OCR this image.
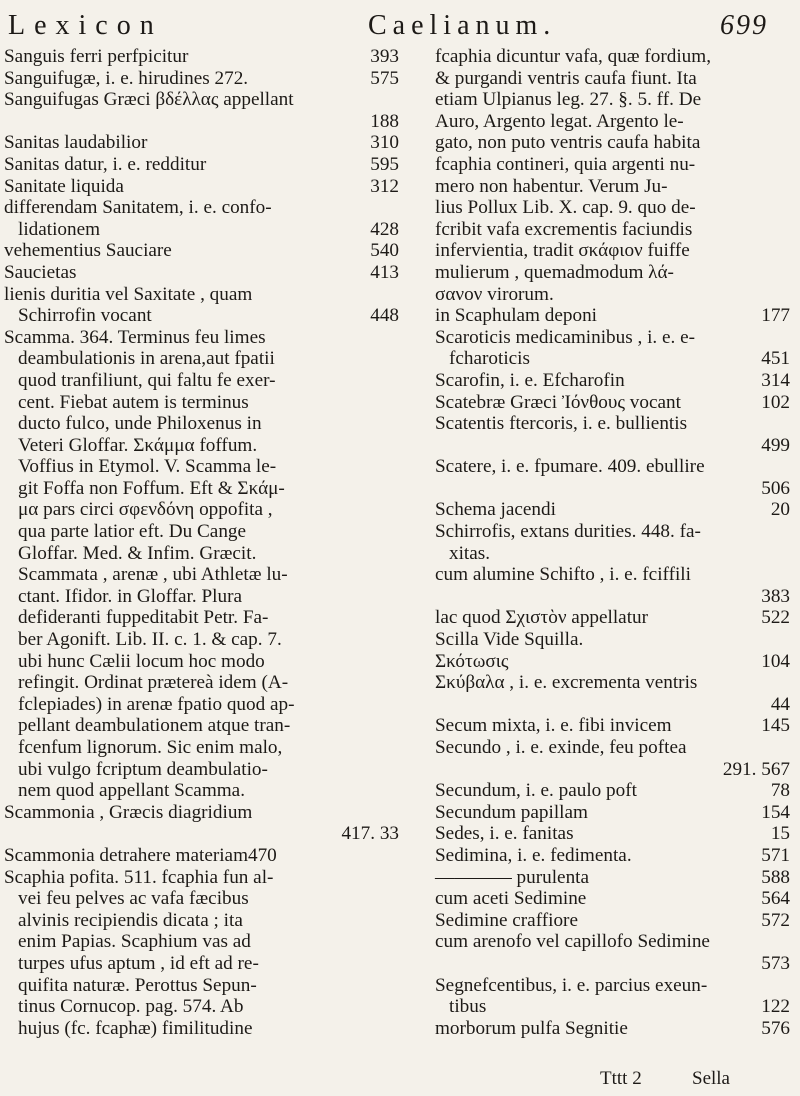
Lexicon	Caelianum.	699
Sanguis ferri perfpicitur	393
Sanguifugæ, i. e. hirudines 272.	575
Sanguifugas Græci βδέλλας appellant
188
Sanitas laudabilior	310
Sanitas datur, i. e. redditur	595
Sanitate liquida	312
differendam Sanitatem, i. e. confo-
lidationem	428
vehementius Sauciare	540
Saucietas	413
lienis duritia vel Saxitate , quam
Schirrofin vocant	448
Scamma. 364. Terminus feu limes
deambulationis in arena,aut fpatii
quod tranfiliunt, qui faltu fe exer-
cent. Fiebat autem is terminus
ducto fulco, unde Philoxenus in
Veteri Gloffar. Σκάμμα foffum.
Voffius in Etymol. V. Scamma le-
git Foffa non Foffum. Eft & Σκάμ-
μα pars circi σφενδόνη oppofita ,
qua parte latior eft. Du Cange
Gloffar. Med. & Infim. Græcit.
Scammata , arenæ , ubi Athletæ lu-
ctant. Ifidor. in Gloffar. Plura
defideranti fuppeditabit Petr. Fa-
ber Agonift. Lib. II. c. 1. & cap. 7.
ubi hunc Cælii locum hoc modo
refingit. Ordinat prætereà idem (A-
fclepiades) in arenæ fpatio quod ap-
pellant deambulationem atque tran-
fcenfum lignorum. Sic enim malo,
ubi vulgo fcriptum deambulatio-
nem quod appellant Scamma.
Scammonia , Græcis diagridium
417. 33
Scammonia detrahere materiam470
Scaphia pofita. 511. fcaphia fun al-
vei feu pelves ac vafa fæcibus
alvinis recipiendis dicata ; ita
enim Papias. Scaphium vas ad
turpes ufus aptum , id eft ad re-
quifita naturæ. Perottus Sepun-
tinus Cornucop. pag. 574. Ab
hujus (fc. fcaphæ) fimilitudine
fcaphia dicuntur vafa, quæ fordium,
& purgandi ventris caufa fiunt. Ita
etiam Ulpianus leg. 27. §. 5. ff. De
Auro, Argento legat. Argento le-
gato, non puto ventris caufa habita
fcaphia contineri, quia argenti nu-
mero non habentur. Verum Ju-
lius Pollux Lib. X. cap. 9. quo de-
fcribit vafa excrementis faciundis
infervientia, tradit σκάφιον fuiffe
mulierum , quemadmodum λά-
σανον virorum.
in Scaphulam deponi	177
Scaroticis medicaminibus , i. e. e-
fcharoticis	451
Scarofin, i. e. Efcharofin	314
Scatebræ Græci Ἰόνθους vocant	102
Scatentis ftercoris, i. e. bullientis
499
Scatere, i. e. fpumare. 409. ebullire
506
Schema jacendi	20
Schirrofis, extans durities. 448. fa-
xitas.
cum alumine Schifto , i. e. fciffili
383
lac quod Σχιστὸν appellatur	522
Scilla Vide Squilla.
Σκότωσις	104
Σκύβαλα , i. e. excrementa ventris
44
Secum mixta, i. e. fibi invicem	145
Secundo , i. e. exinde, feu poftea
291. 567
Secundum, i. e. paulo poft	78
Secundum papillam	154
Sedes, i. e. fanitas	15
Sedimina, i. e. fedimenta.	571
———— purulenta	588
cum aceti Sedimine	564
Sedimine craffiore	572
cum arenofo vel capillofo Sedimine
573
Segnefcentibus, i. e. parcius exeun-
tibus	122
morborum pulfa Segnitie	576
Tttt 2	Sella
